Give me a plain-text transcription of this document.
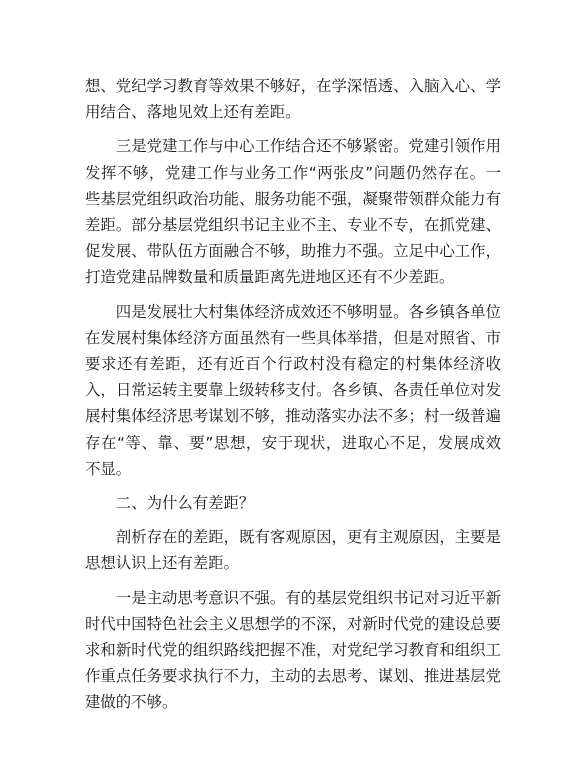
想、党纪学习教育等效果不够好，在学深悟透、入脑入心、学用结合、落地见效上还有差距。

三是党建工作与中心工作结合还不够紧密。党建引领作用发挥不够，党建工作与业务工作“两张皮”问题仍然存在。一些基层党组织政治功能、服务功能不强，凝聚带领群众能力有差距。部分基层党组织书记主业不主、专业不专，在抓党建、促发展、带队伍方面融合不够，助推力不强。立足中心工作，打造党建品牌数量和质量距离先进地区还有不少差距。

四是发展壮大村集体经济成效还不够明显。各乡镇各单位在发展村集体经济方面虽然有一些具体举措，但是对照省、市要求还有差距，还有近百个行政村没有稳定的村集体经济收入，日常运转主要靠上级转移支付。各乡镇、各责任单位对发展村集体经济思考谋划不够，推动落实办法不多；村一级普遍存在“等、靠、要”思想，安于现状，进取心不足，发展成效不显。

二、为什么有差距？

剖析存在的差距，既有客观原因，更有主观原因，主要是思想认识上还有差距。

一是主动思考意识不强。有的基层党组织书记对习近平新时代中国特色社会主义思想学的不深，对新时代党的建设总要求和新时代党的组织路线把握不准，对党纪学习教育和组织工作重点任务要求执行不力，主动的去思考、谋划、推进基层党建做的不够。
